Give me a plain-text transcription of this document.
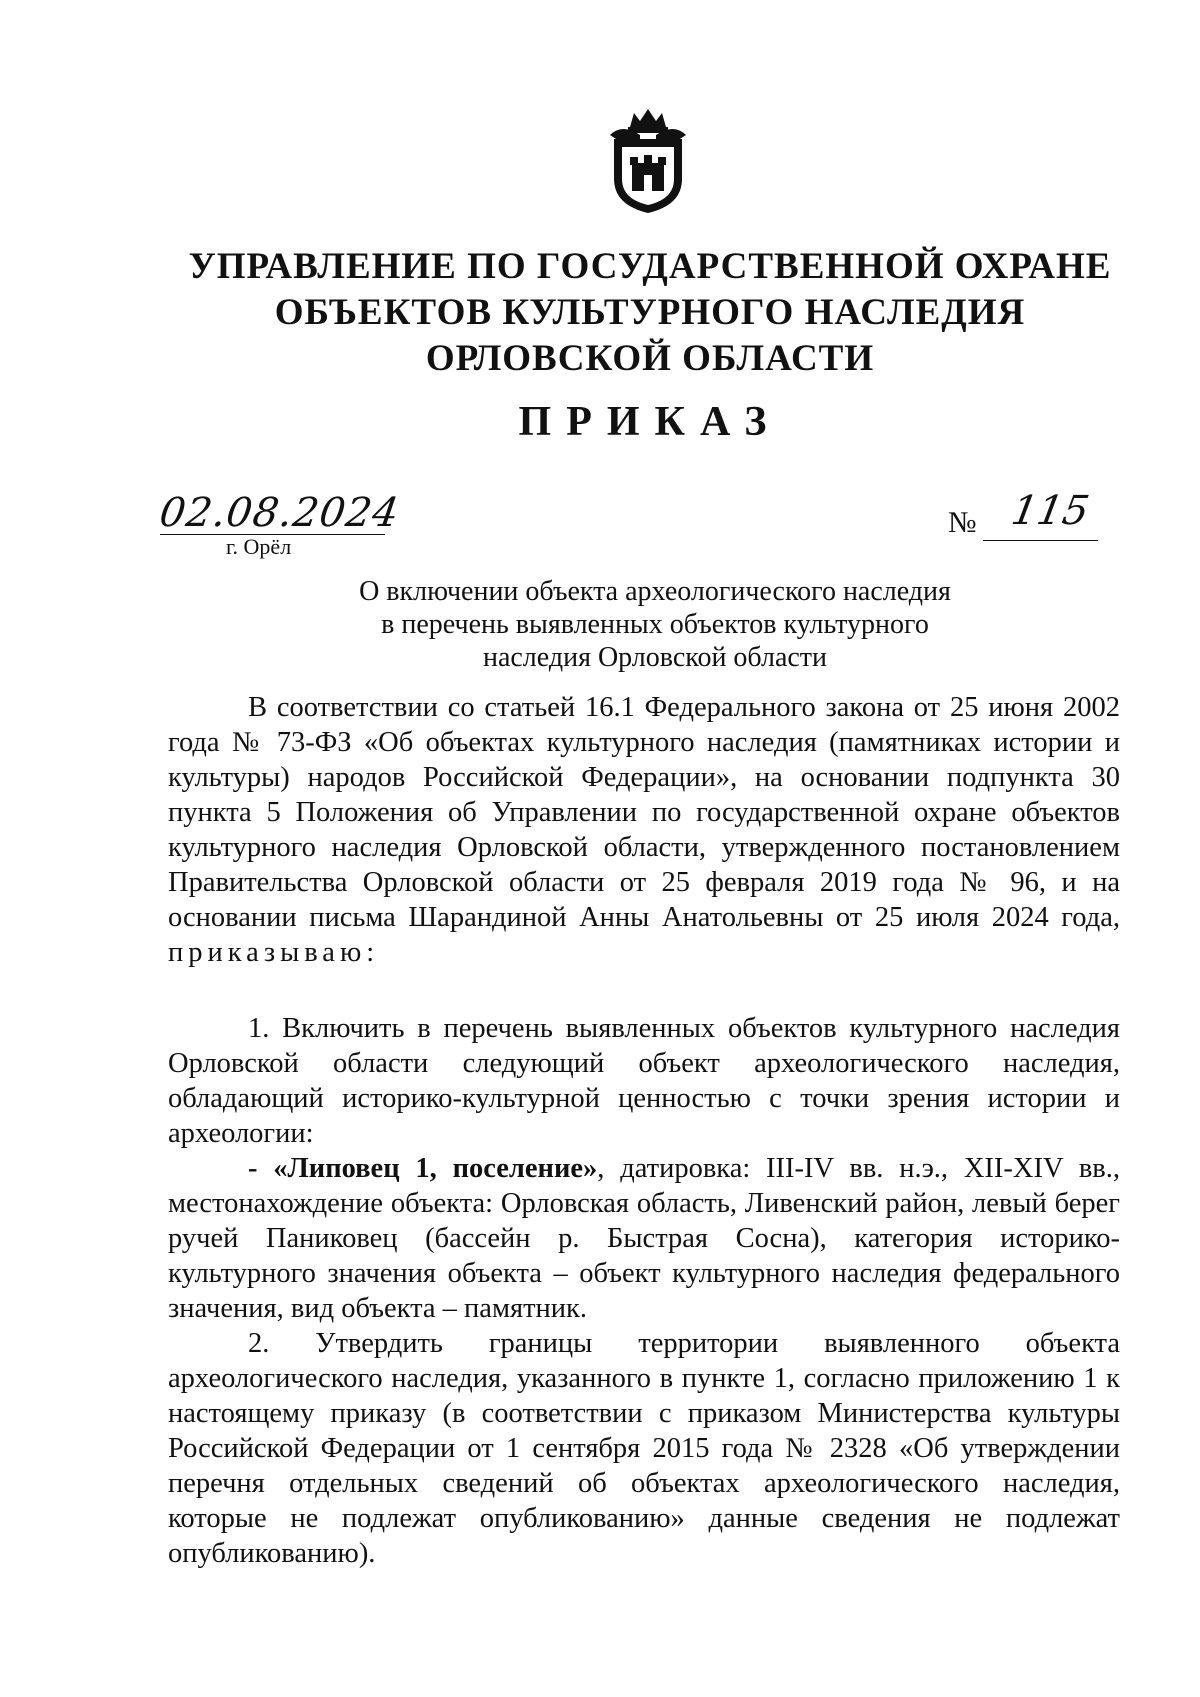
УПРАВЛЕНИЕ ПО ГОСУДАРСТВЕННОЙ ОХРАНЕ
ОБЪЕКТОВ КУЛЬТУРНОГО НАСЛЕДИЯ
ОРЛОВСКОЙ ОБЛАСТИ
ПРИКАЗ
02.08.2024
г. Орёл
№ 115
О включении объекта археологического наследия
в перечень выявленных объектов культурного
наследия Орловской области

В соответствии со статьей 16.1 Федерального закона от 25 июня 2002 года № 73-ФЗ «Об объектах культурного наследия (памятниках истории и культуры) народов Российской Федерации», на основании подпункта 30 пункта 5 Положения об Управлении по государственной охране объектов культурного наследия Орловской области, утвержденного постановлением Правительства Орловской области от 25 февраля 2019 года № 96, и на основании письма Шарандиной Анны Анатольевны от 25 июля 2024 года, приказываю:

1. Включить в перечень выявленных объектов культурного наследия Орловской области следующий объект археологического наследия, обладающий историко-культурной ценностью с точки зрения истории и археологии:

- «Липовец 1, поселение», датировка: III-IV вв. н.э., XII-XIV вв., местонахождение объекта: Орловская область, Ливенский район, левый берег ручей Паниковец (бассейн р. Быстрая Сосна), категория историко-культурного значения объекта – объект культурного наследия федерального значения, вид объекта – памятник.

2. Утвердить границы территории выявленного объекта археологического наследия, указанного в пункте 1, согласно приложению 1 к настоящему приказу (в соответствии с приказом Министерства культуры Российской Федерации от 1 сентября 2015 года № 2328 «Об утверждении перечня отдельных сведений об объектах археологического наследия, которые не подлежат опубликованию» данные сведения не подлежат опубликованию).
